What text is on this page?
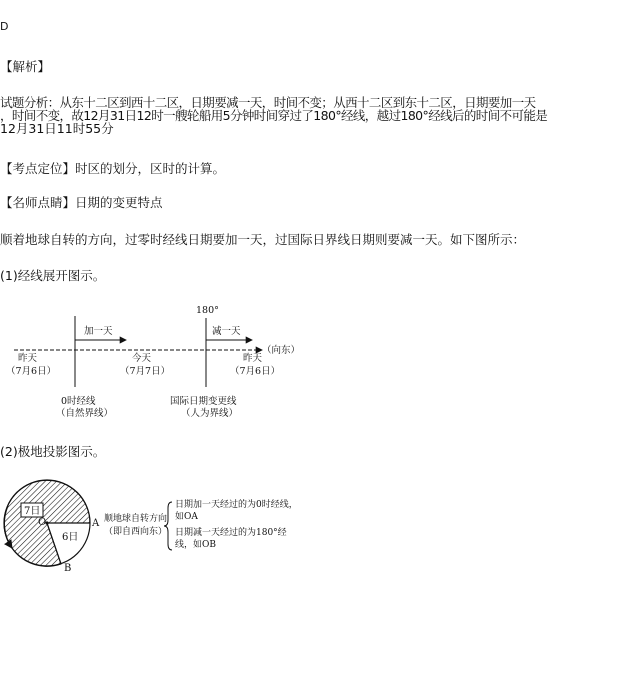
D
【解析】
试题分析：从东十二区到西十二区，日期要减一天，时间不变；从西十二区到东十二区，日期要加一天
，时间不变，故12月31日12时一艘轮船用5分钟时间穿过了180°经线，越过180°经线后的时间不可能是
12月31日11时55分
【考点定位】时区的划分，区时的计算。
【名师点睛】日期的变更特点
顺着地球自转的方向，过零时经线日期要加一天，过国际日界线日期则要减一天。如下图所示：
(1)经线展开图示。
180°
加一天	减一天
（向东）
昨天
（7月6日）
今天
（7月7日）
昨天
（7月6日）
0时经线
（自然界线）
国际日期变更线
（人为界线）
(2)极地投影图示。
7日
6日
O	A
B
顺地球自转方向
（即自西向东）
日期加一天经过的为0时经线，
如OA
日期减一天经过的为180°经
线，如OB
